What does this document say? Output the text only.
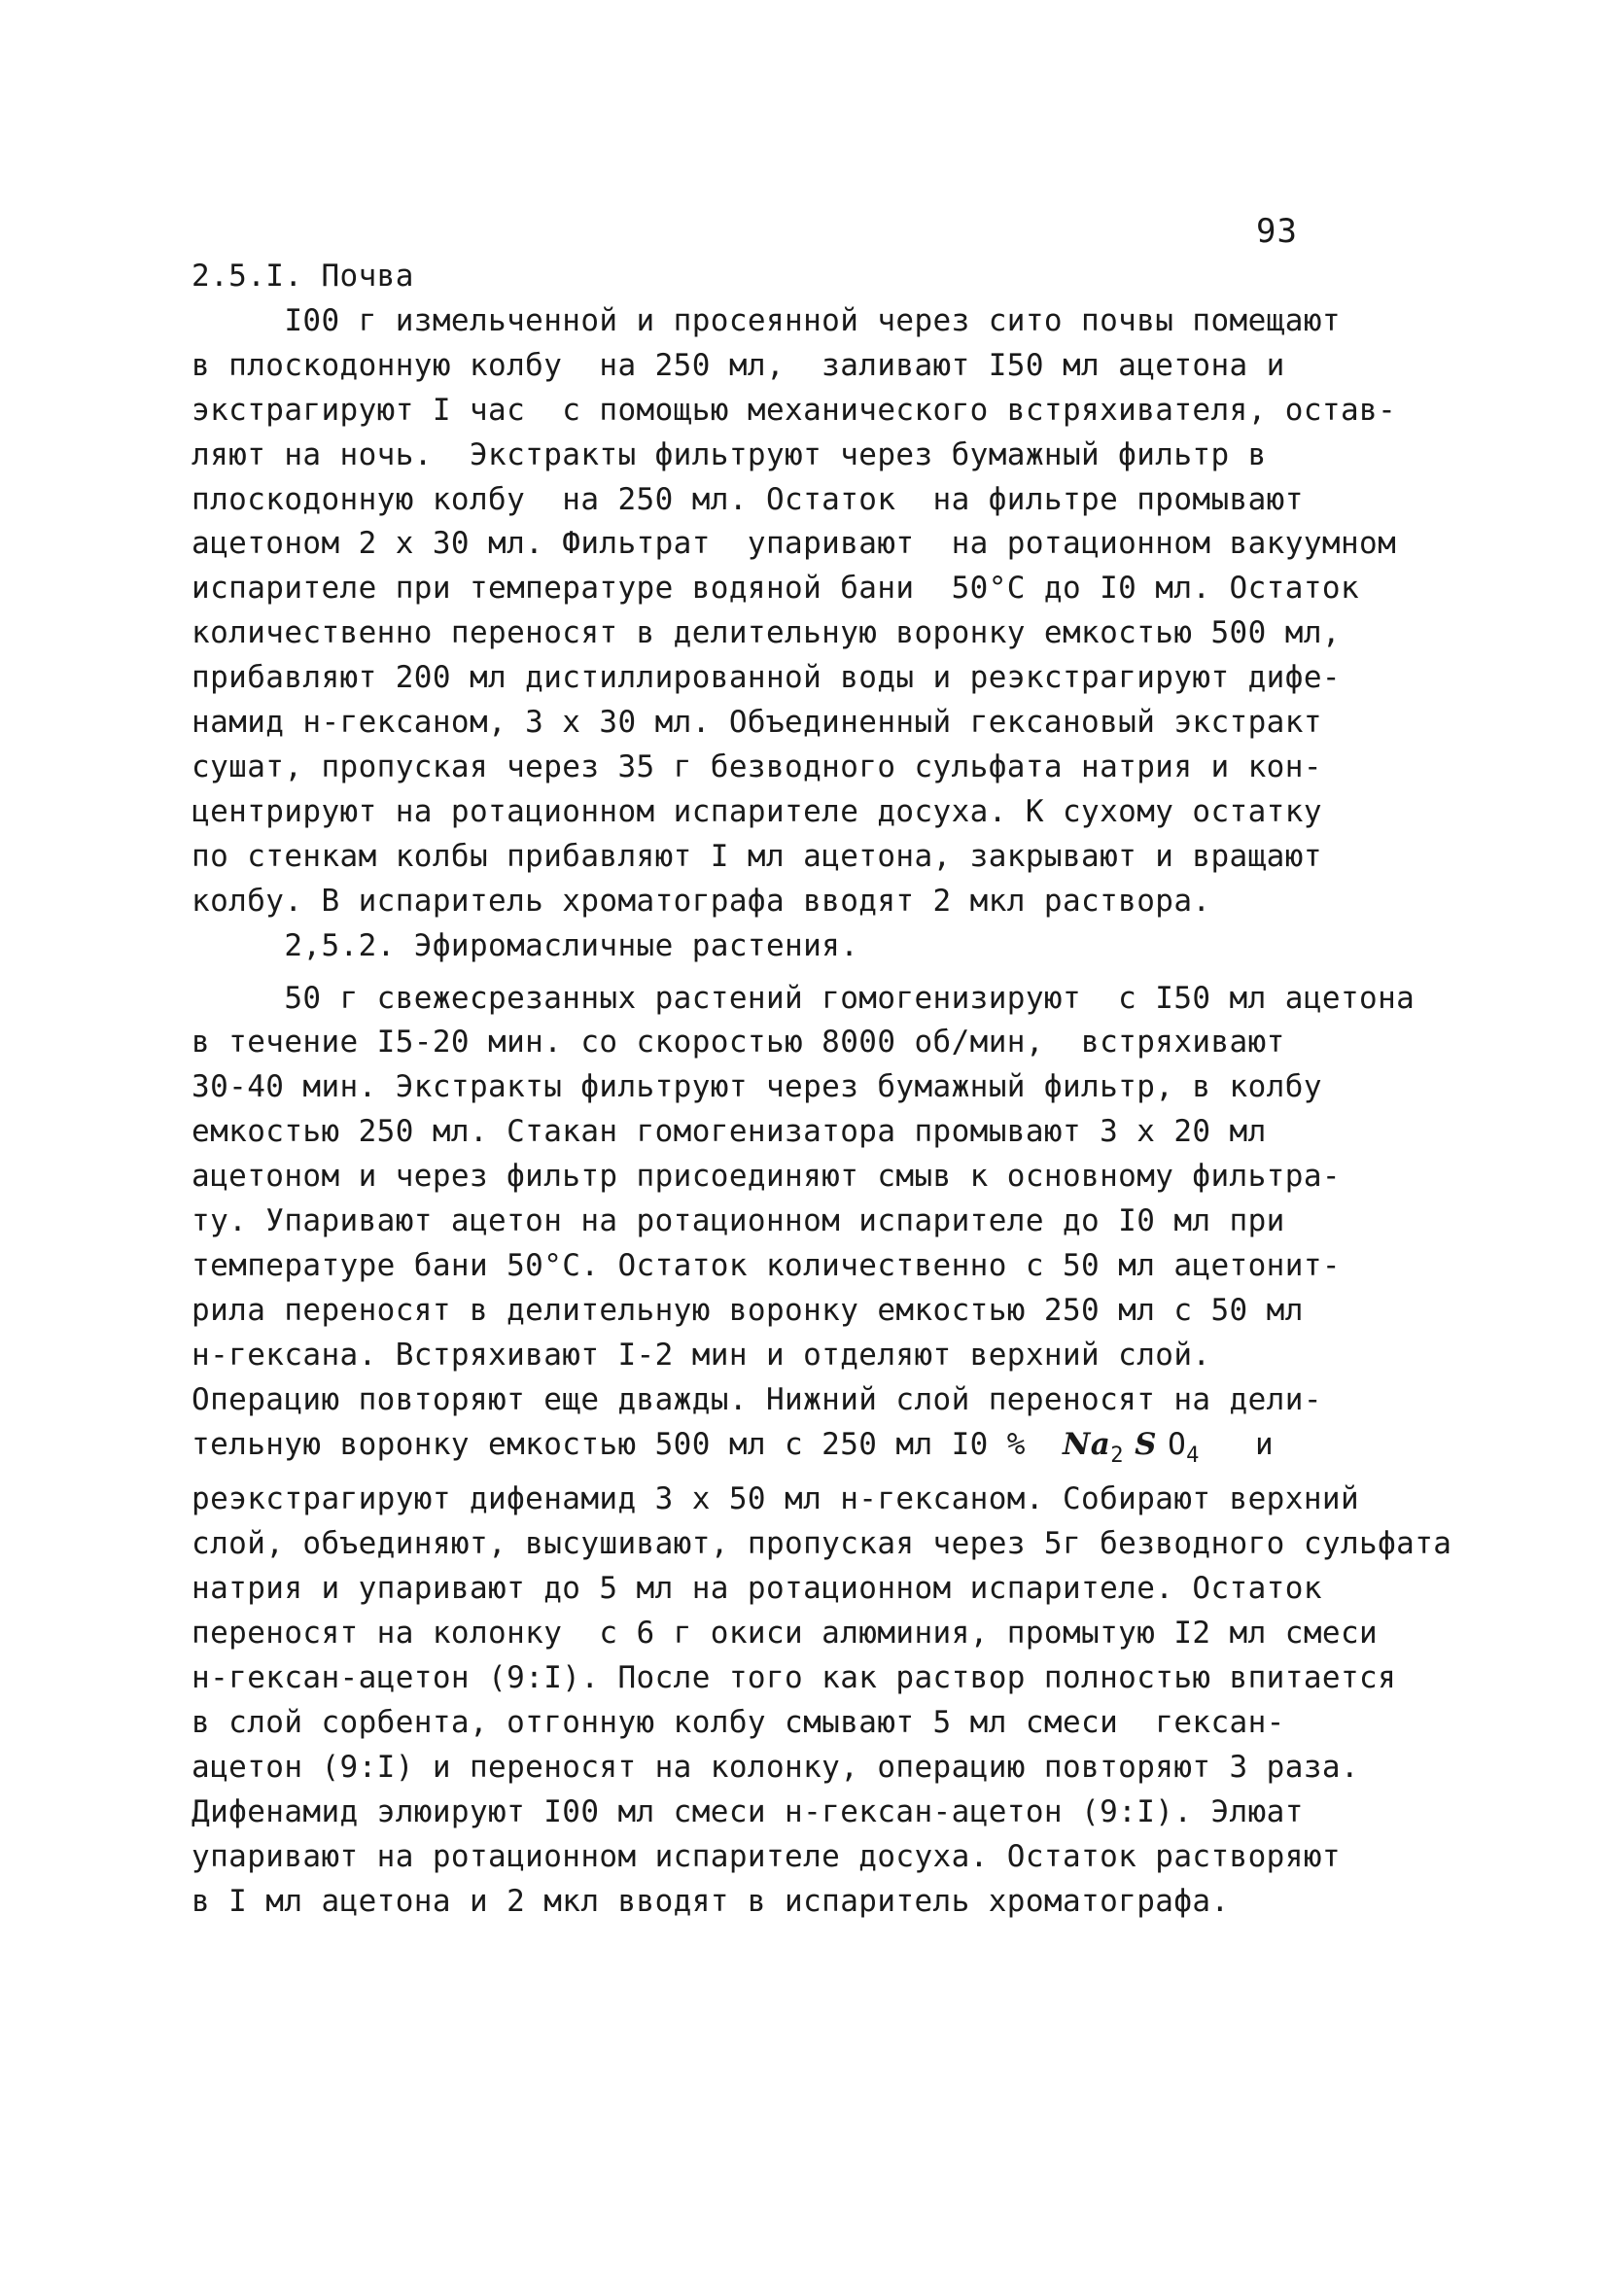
93
2.5.I. Почва
I00 г измельченной и просеянной через сито почвы помещают
в плоскодонную колбу  на 250 мл,  заливают I50 мл ацетона и
экстрагируют I час  с помощью механического встряхивателя, остав-
ляют на ночь.  Экстракты фильтруют через бумажный фильтр в
плоскодонную колбу  на 250 мл. Остаток  на фильтре промывают
ацетоном 2 х 30 мл. Фильтрат  упаривают  на ротационном вакуумном
испарителе при температуре водяной бани  50°С до I0 мл. Остаток
количественно переносят в делительную воронку емкостью 500 мл,
прибавляют 200 мл дистиллированной воды и реэкстрагируют дифе-
намид н-гексаном, 3 х 30 мл. Объединенный гексановый экстракт
сушат, пропуская через 35 г безводного сульфата натрия и кон-
центрируют на ротационном испарителе досуха. К сухому остатку
по стенкам колбы прибавляют I мл ацетона, закрывают и вращают
колбу. В испаритель хроматографа вводят 2 мкл раствора.
2,5.2. Эфиромасличные растения.
50 г свежесрезанных растений гомогенизируют  с I50 мл ацетона
в течение I5-20 мин. со скоростью 8000 об/мин,  встряхивают
30-40 мин. Экстракты фильтруют через бумажный фильтр, в колбу
емкостью 250 мл. Стакан гомогенизатора промывают 3 х 20 мл
ацетоном и через фильтр присоединяют смыв к основному фильтра-
ту. Упаривают ацетон на ротационном испарителе до I0 мл при
температуре бани 50°С. Остаток количественно с 50 мл ацетонит-
рила переносят в делительную воронку емкостью 250 мл с 50 мл
н-гексана. Встряхивают I-2 мин и отделяют верхний слой.
Операцию повторяют еще дважды. Нижний слой переносят на дели-
тельную воронку емкостью 500 мл с 250 мл I0 %  Na2 S O4   и
реэкстрагируют дифенамид 3 х 50 мл н-гексаном. Собирают верхний
слой, объединяют, высушивают, пропуская через 5г безводного сульфата
натрия и упаривают до 5 мл на ротационном испарителе. Остаток
переносят на колонку  с 6 г окиси алюминия, промытую I2 мл смеси
н-гексан-ацетон (9:I). После того как раствор полностью впитается
в слой сорбента, отгонную колбу смывают 5 мл смеси  гексан-
ацетон (9:I) и переносят на колонку, операцию повторяют 3 раза.
Дифенамид элюируют I00 мл смеси н-гексан-ацетон (9:I). Элюат
упаривают на ротационном испарителе досуха. Остаток растворяют
в I мл ацетона и 2 мкл вводят в испаритель хроматографа.
